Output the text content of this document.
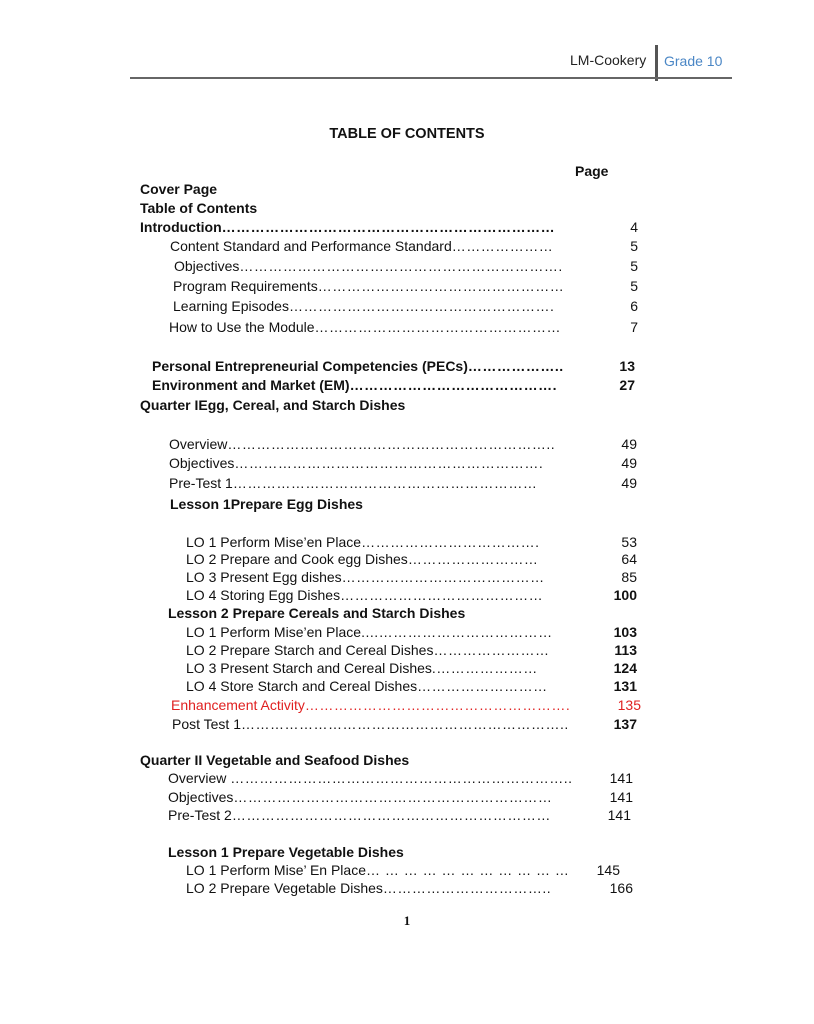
LM-Cookery Grade 10
TABLE OF CONTENTS
Page
Cover Page
Table of Contents
Introduction……………………………………………………………	4
Content Standard and Performance Standard…………………	5
Objectives………………………………………………………….	5
Program Requirements……………………………………………	5
Learning Episodes……………………………………………….	6
How to Use the Module……………………………………………	7
Personal Entrepreneurial Competencies (PECs)………………..	13
Environment and Market (EM)…………………………………….	27
Quarter IEgg, Cereal, and Starch Dishes
Overview…………………………………………………………..	49
Objectives……………………………………………………….	49
Pre-Test 1………………………………………………………	49
Lesson 1Prepare Egg Dishes
LO 1 Perform Mise’en Place……………………………….	53
LO 2 Prepare and Cook egg Dishes………………………	64
LO 3 Present Egg dishes……………………………………	85
LO 4 Storing Egg Dishes……………………………………	100
Lesson 2 Prepare Cereals and Starch Dishes
LO 1 Perform Mise’en Place....………………………………	103
LO 2 Prepare Starch and Cereal Dishes……………………	113
LO 3 Present Starch and Cereal Dishes.…………………	124
LO 4 Store Starch and Cereal Dishes………………………	131
Enhancement Activity……………………………………………….	135
Post Test 1…………………………………………………………..	137
Quarter II Vegetable and Seafood Dishes
Overview ……………………………………………………………..	141
Objectives…………………………………………………………	141
Pre-Test 2…………………………………………………………	141
Lesson 1 Prepare Vegetable Dishes
LO 1 Perform Mise’ En Place… … … … … … … … … … …	145
LO 2 Prepare Vegetable Dishes……………………………..	166
1
